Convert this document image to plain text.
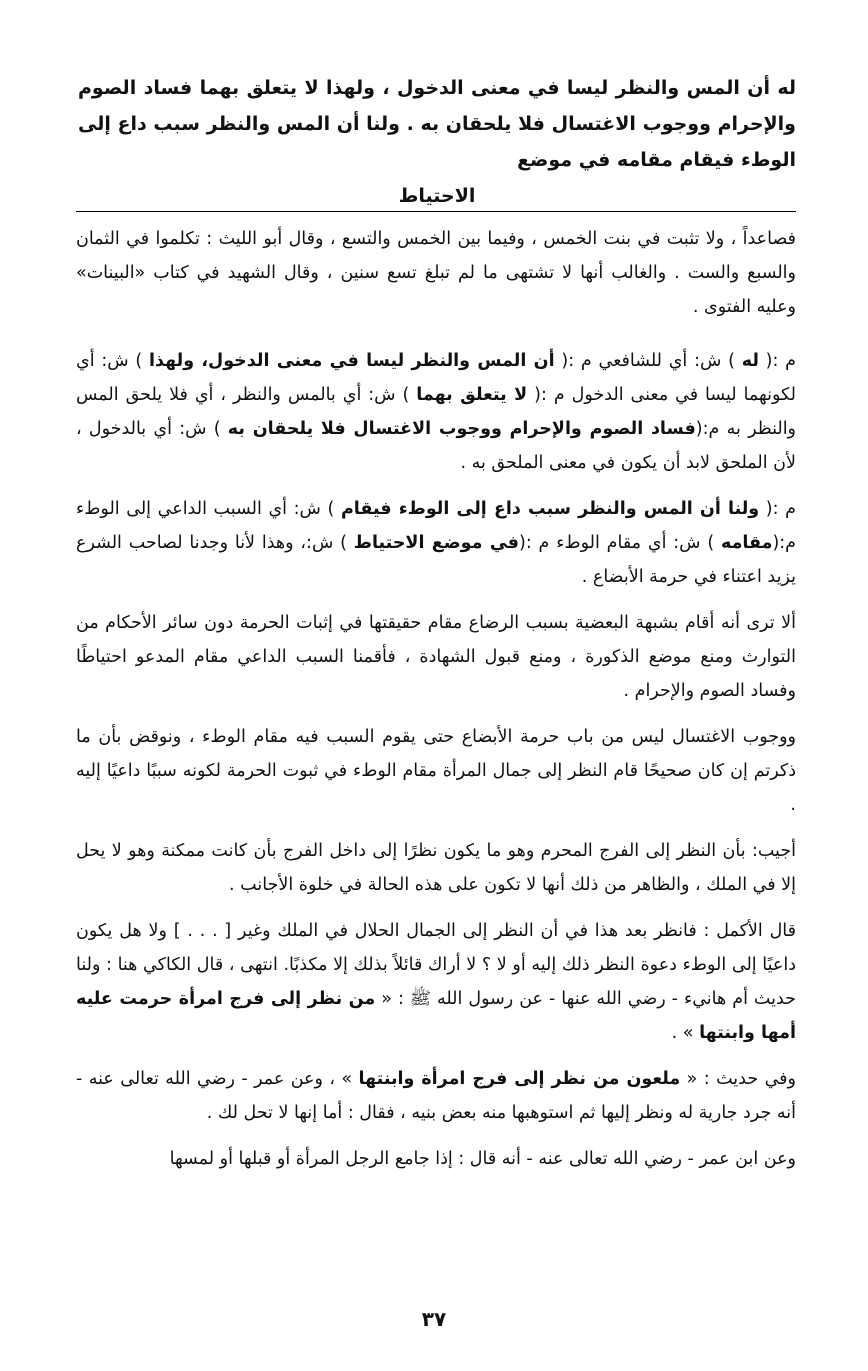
له أن المس والنظر ليسا في معنى الدخول ، ولهذا لا يتعلق بهما فساد الصوم والإحرام ووجوب الاغتسال فلا يلحقان به . ولنا أن المس والنظر سبب داع إلى الوطء فيقام مقامه في موضع
الاحتياط
فصاعداً ، ولا تثبت في بنت الخمس ، وفيما بين الخمس والتسع ، وقال أبو الليث : تكلموا في الثمان والسبع والست . والغالب أنها لا تشتهى ما لم تبلغ تسع سنين ، وقال الشهيد في كتاب «البينات» وعليه الفتوى .

م :( له ) ش: أي للشافعي م :( أن المس والنظر ليسا في معنى الدخول، ولهذا ) ش: أي لكونهما ليسا في معنى الدخول م :( لا يتعلق بهما ) ش: أي بالمس والنظر ، أي فلا يلحق المس والنظر به م:(فساد الصوم والإحرام ووجوب الاغتسال فلا يلحقان به ) ش: أي بالدخول ، لأن الملحق لابد أن يكون في معنى الملحق به .

م :( ولنا أن المس والنظر سبب داع إلى الوطء فيقام ) ش: أي السبب الداعي إلى الوطء م:(مقامه ) ش: أي مقام الوطء م :(في موضع الاحتياط ) ش:، وهذا لأنا وجدنا لصاحب الشرع يزيد اعتناء في حرمة الأبضاع .

ألا ترى أنه أقام بشبهة البعضية بسبب الرضاع مقام حقيقتها في إثبات الحرمة دون سائر الأحكام من التوارث ومنع موضع الذكورة ، ومنع قبول الشهادة ، فأقمنا السبب الداعي مقام المدعو احتياطًا وفساد الصوم والإحرام .

ووجوب الاغتسال ليس من باب حرمة الأبضاع حتى يقوم السبب فيه مقام الوطء ، ونوقض بأن ما ذكرتم إن كان صحيحًا قام النظر إلى جمال المرأة مقام الوطء في ثبوت الحرمة لكونه سببًا داعيًا إليه .

أجيب: بأن النظر إلى الفرج المحرم وهو ما يكون نظرًا إلى داخل الفرج بأن كانت ممكنة وهو لا يحل إلا في الملك ، والظاهر من ذلك أنها لا تكون على هذه الحالة في خلوة الأجانب .

قال الأكمل : فانظر بعد هذا في أن النظر إلى الجمال الحلال في الملك وغير [ . . . ] ولا هل يكون داعيًا إلى الوطء دعوة النظر ذلك إليه أو لا ؟ لا أراك قائلاً بذلك إلا مكذبًا. انتهى ، قال الكاكي هنا : ولنا حديث أم هانيء - رضي الله عنها - عن رسول الله ﷺ : « من نظر إلى فرج امرأة حرمت عليه أمها وابنتها » .

وفي حديث : « ملعون من نظر إلى فرج امرأة وابنتها » ، وعن عمر - رضي الله تعالى عنه - أنه جرد جارية له ونظر إليها ثم استوهبها منه بعض بنيه ، فقال : أما إنها لا تحل لك .

وعن ابن عمر - رضي الله تعالى عنه - أنه قال : إذا جامع الرجل المرأة أو قبلها أو لمسها

٣٧
